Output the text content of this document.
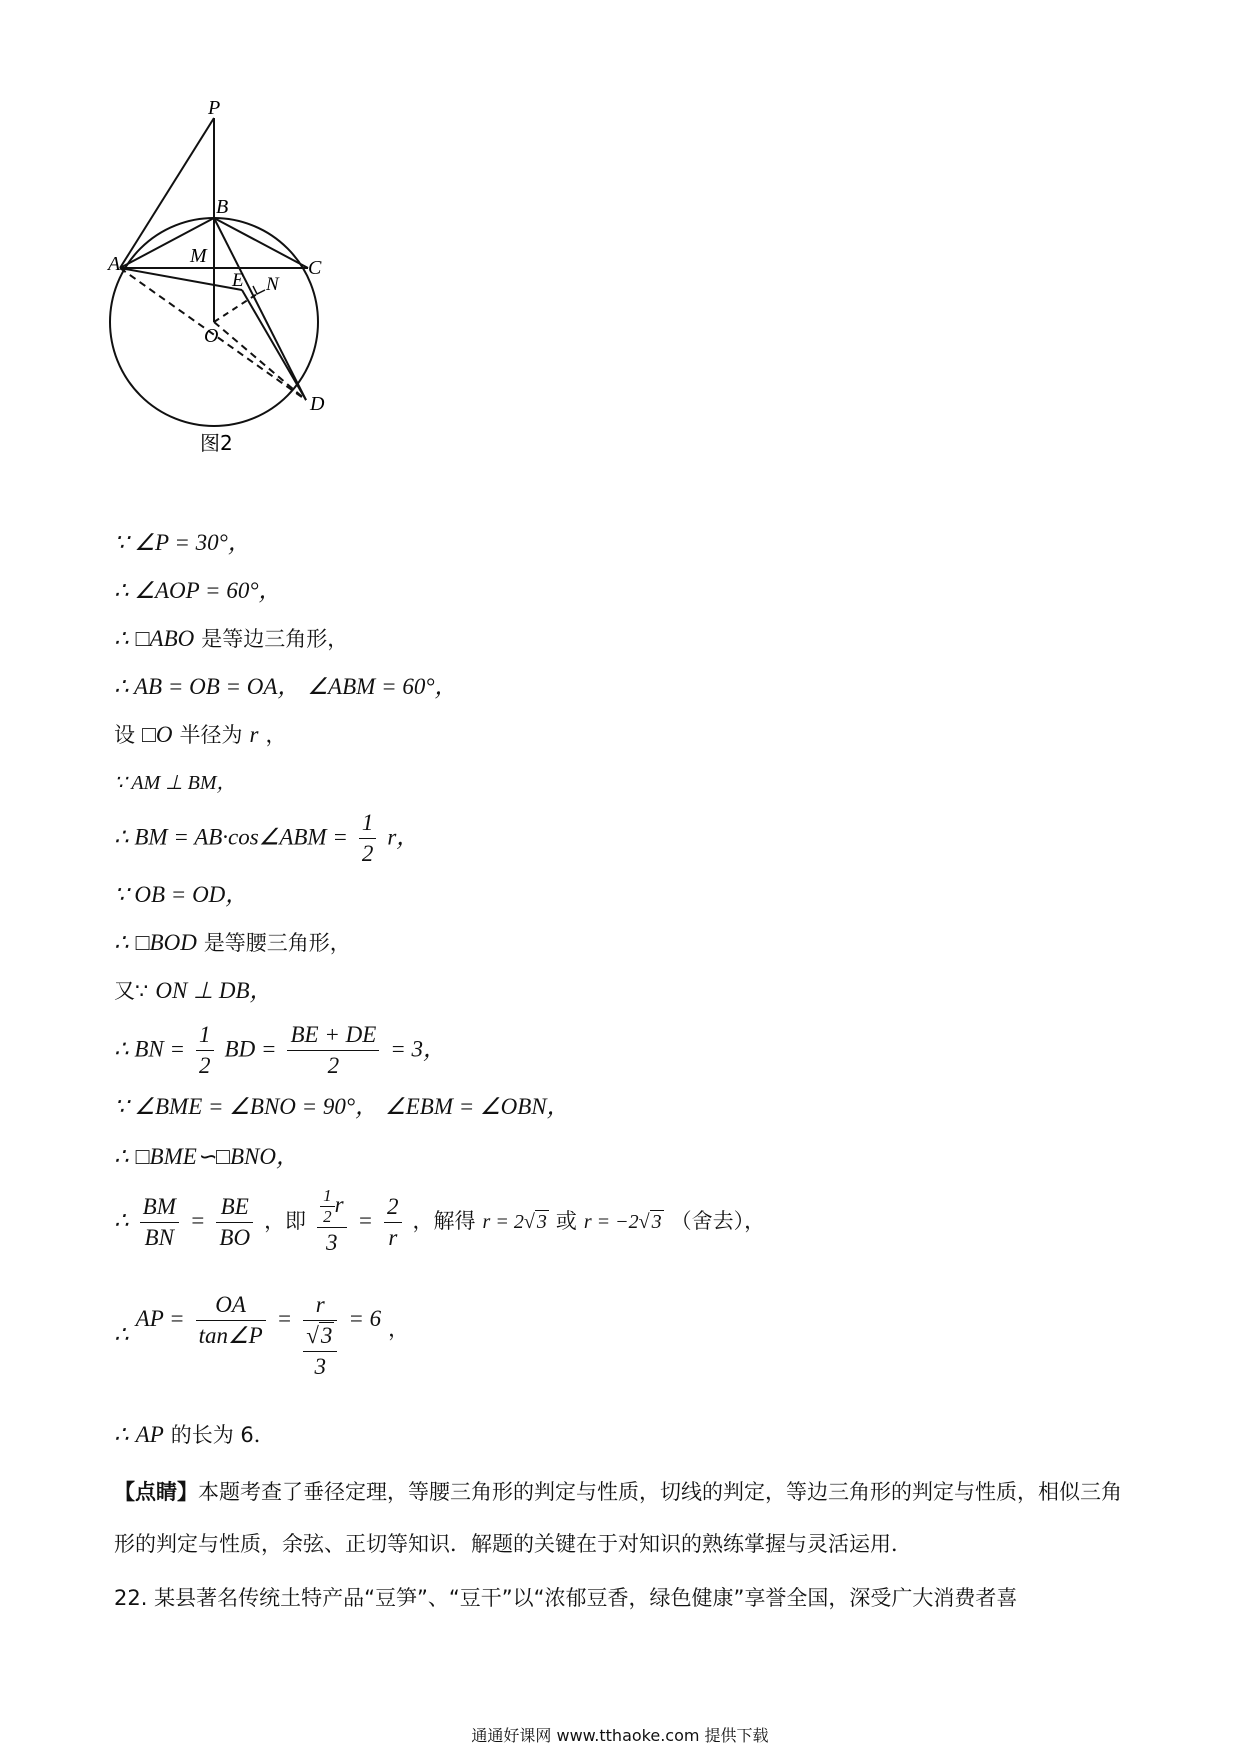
P
B
A	C
M
E N
O
D
图2
∵ ∠P = 30°，
∴ ∠AOP = 60°，
∴ □ABO 是等边三角形，
∴ AB = OB = OA， ∠ABM = 60°，
设 □O 半径为 r ，
∵ AM ⊥ BM，
∴ BM = AB·cos∠ABM = $\frac{1}{2}$ r，
∵ OB = OD，
∴ □BOD 是等腰三角形，
又∵ ON ⊥ DB，
∴ BN = $\frac{1}{2}$ BD = $\frac{BE + DE}{2} = 3$，
∵ ∠BME = ∠BNO = 90°， ∠EBM = ∠OBN，
∴ □BME∽□BNO，
∴ $\frac{BM}{BN} = \frac{BE}{BO}$ ，即 $\frac{\frac{1}{2} r}{3} = \frac{2}{r}$ ，解得 r = 2√ 3 或 r = −2√ 3 （舍去），
∴ AP = $\frac{OA}{\tan\angle P}$ =
r
√3
3
= 6 ，
∴ AP 的长为 6．
【点睛】本题考查了垂径定理，等腰三角形的判定与性质，切线的判定，等边三角形的判定与性质，相似三角形的判定与性质，余弦、正切等知识．解题的关键在于对知识的熟练掌握与灵活运用．
22. 某县著名传统土特产品“豆笋”、“豆干”以“浓郁豆香，绿色健康”享誉全国，深受广大消费者喜
通通好课网 www.tthaoke.com 提供下载
